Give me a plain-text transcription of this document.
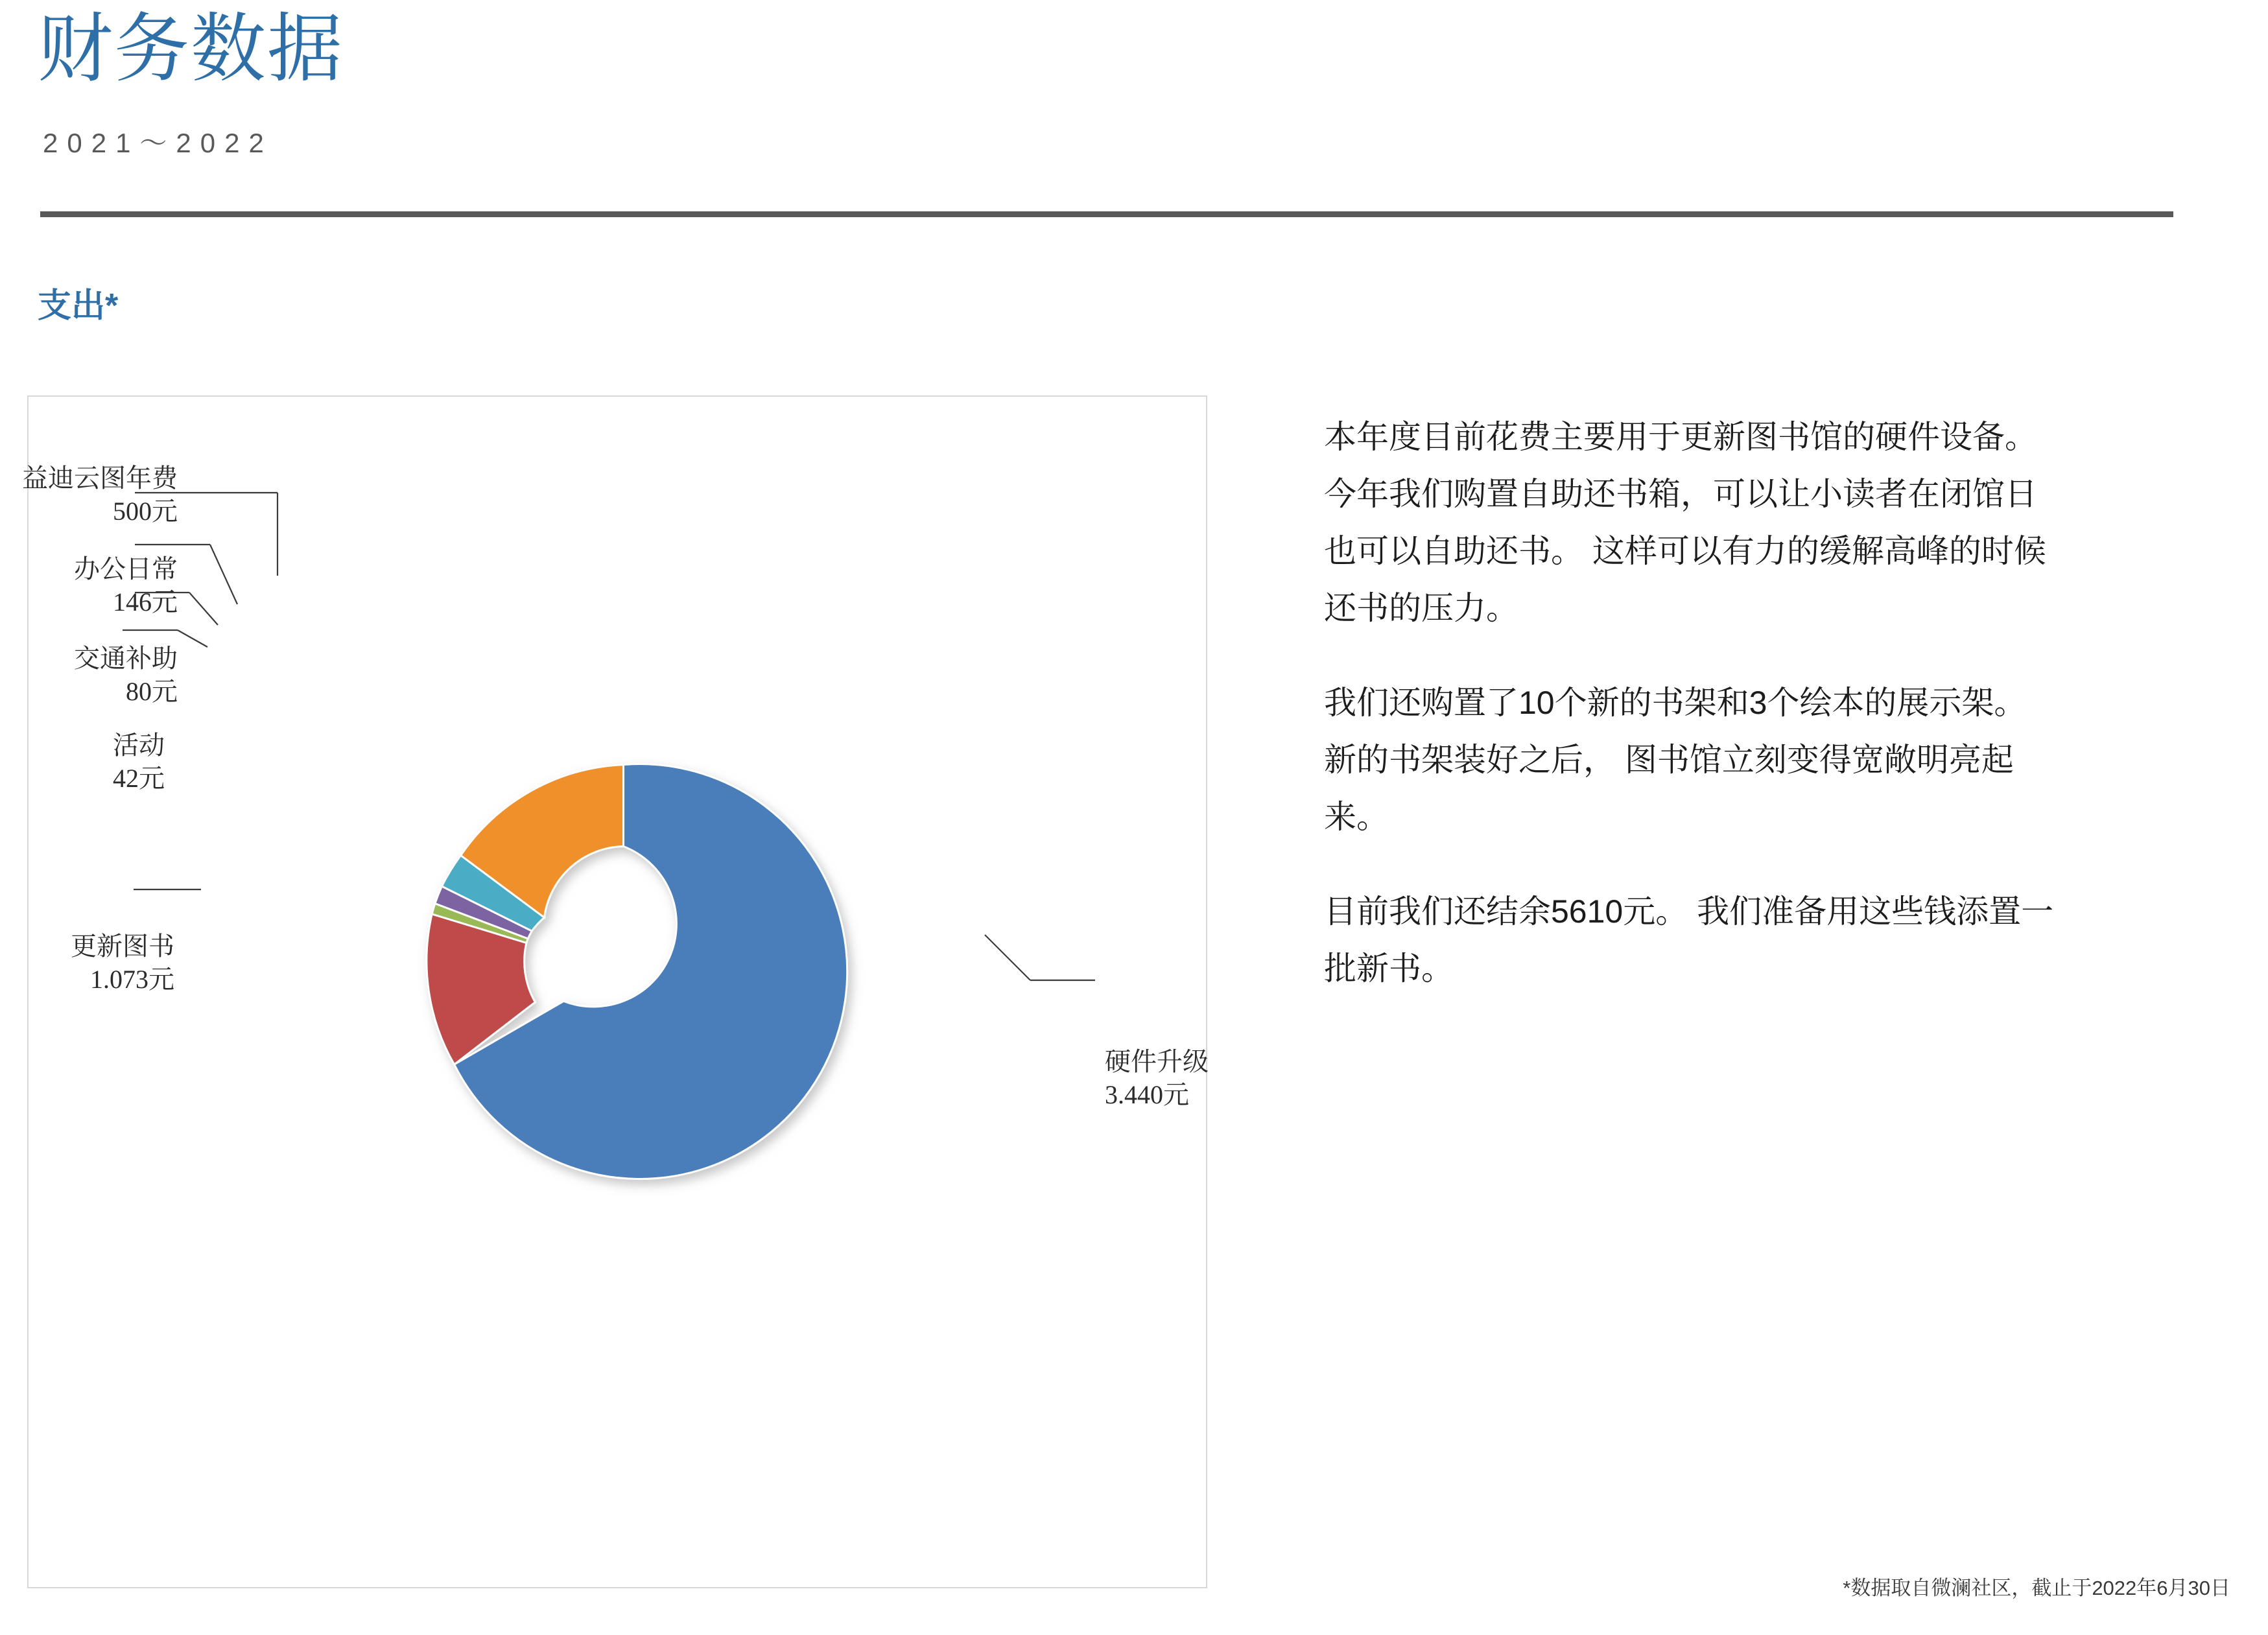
财务数据
2021～2022
支出*
益迪云图年费
500元
办公日常
146元
交通补助
80元
活动
42元
更新图书
1.073元
硬件升级
3.440元

本年度目前花费主要用于更新图书馆的硬件设备。 今年我们购置自助还书箱，可以让小读者在闭馆日也可以自助还书。 这样可以有力的缓解高峰的时候还书的压力。

我们还购置了10个新的书架和3个绘本的展示架。新的书架装好之后， 图书馆立刻变得宽敞明亮起来。

目前我们还结余5610元。 我们准备用这些钱添置一批新书。

*数据取自微澜社区，截止于2022年6月30日
